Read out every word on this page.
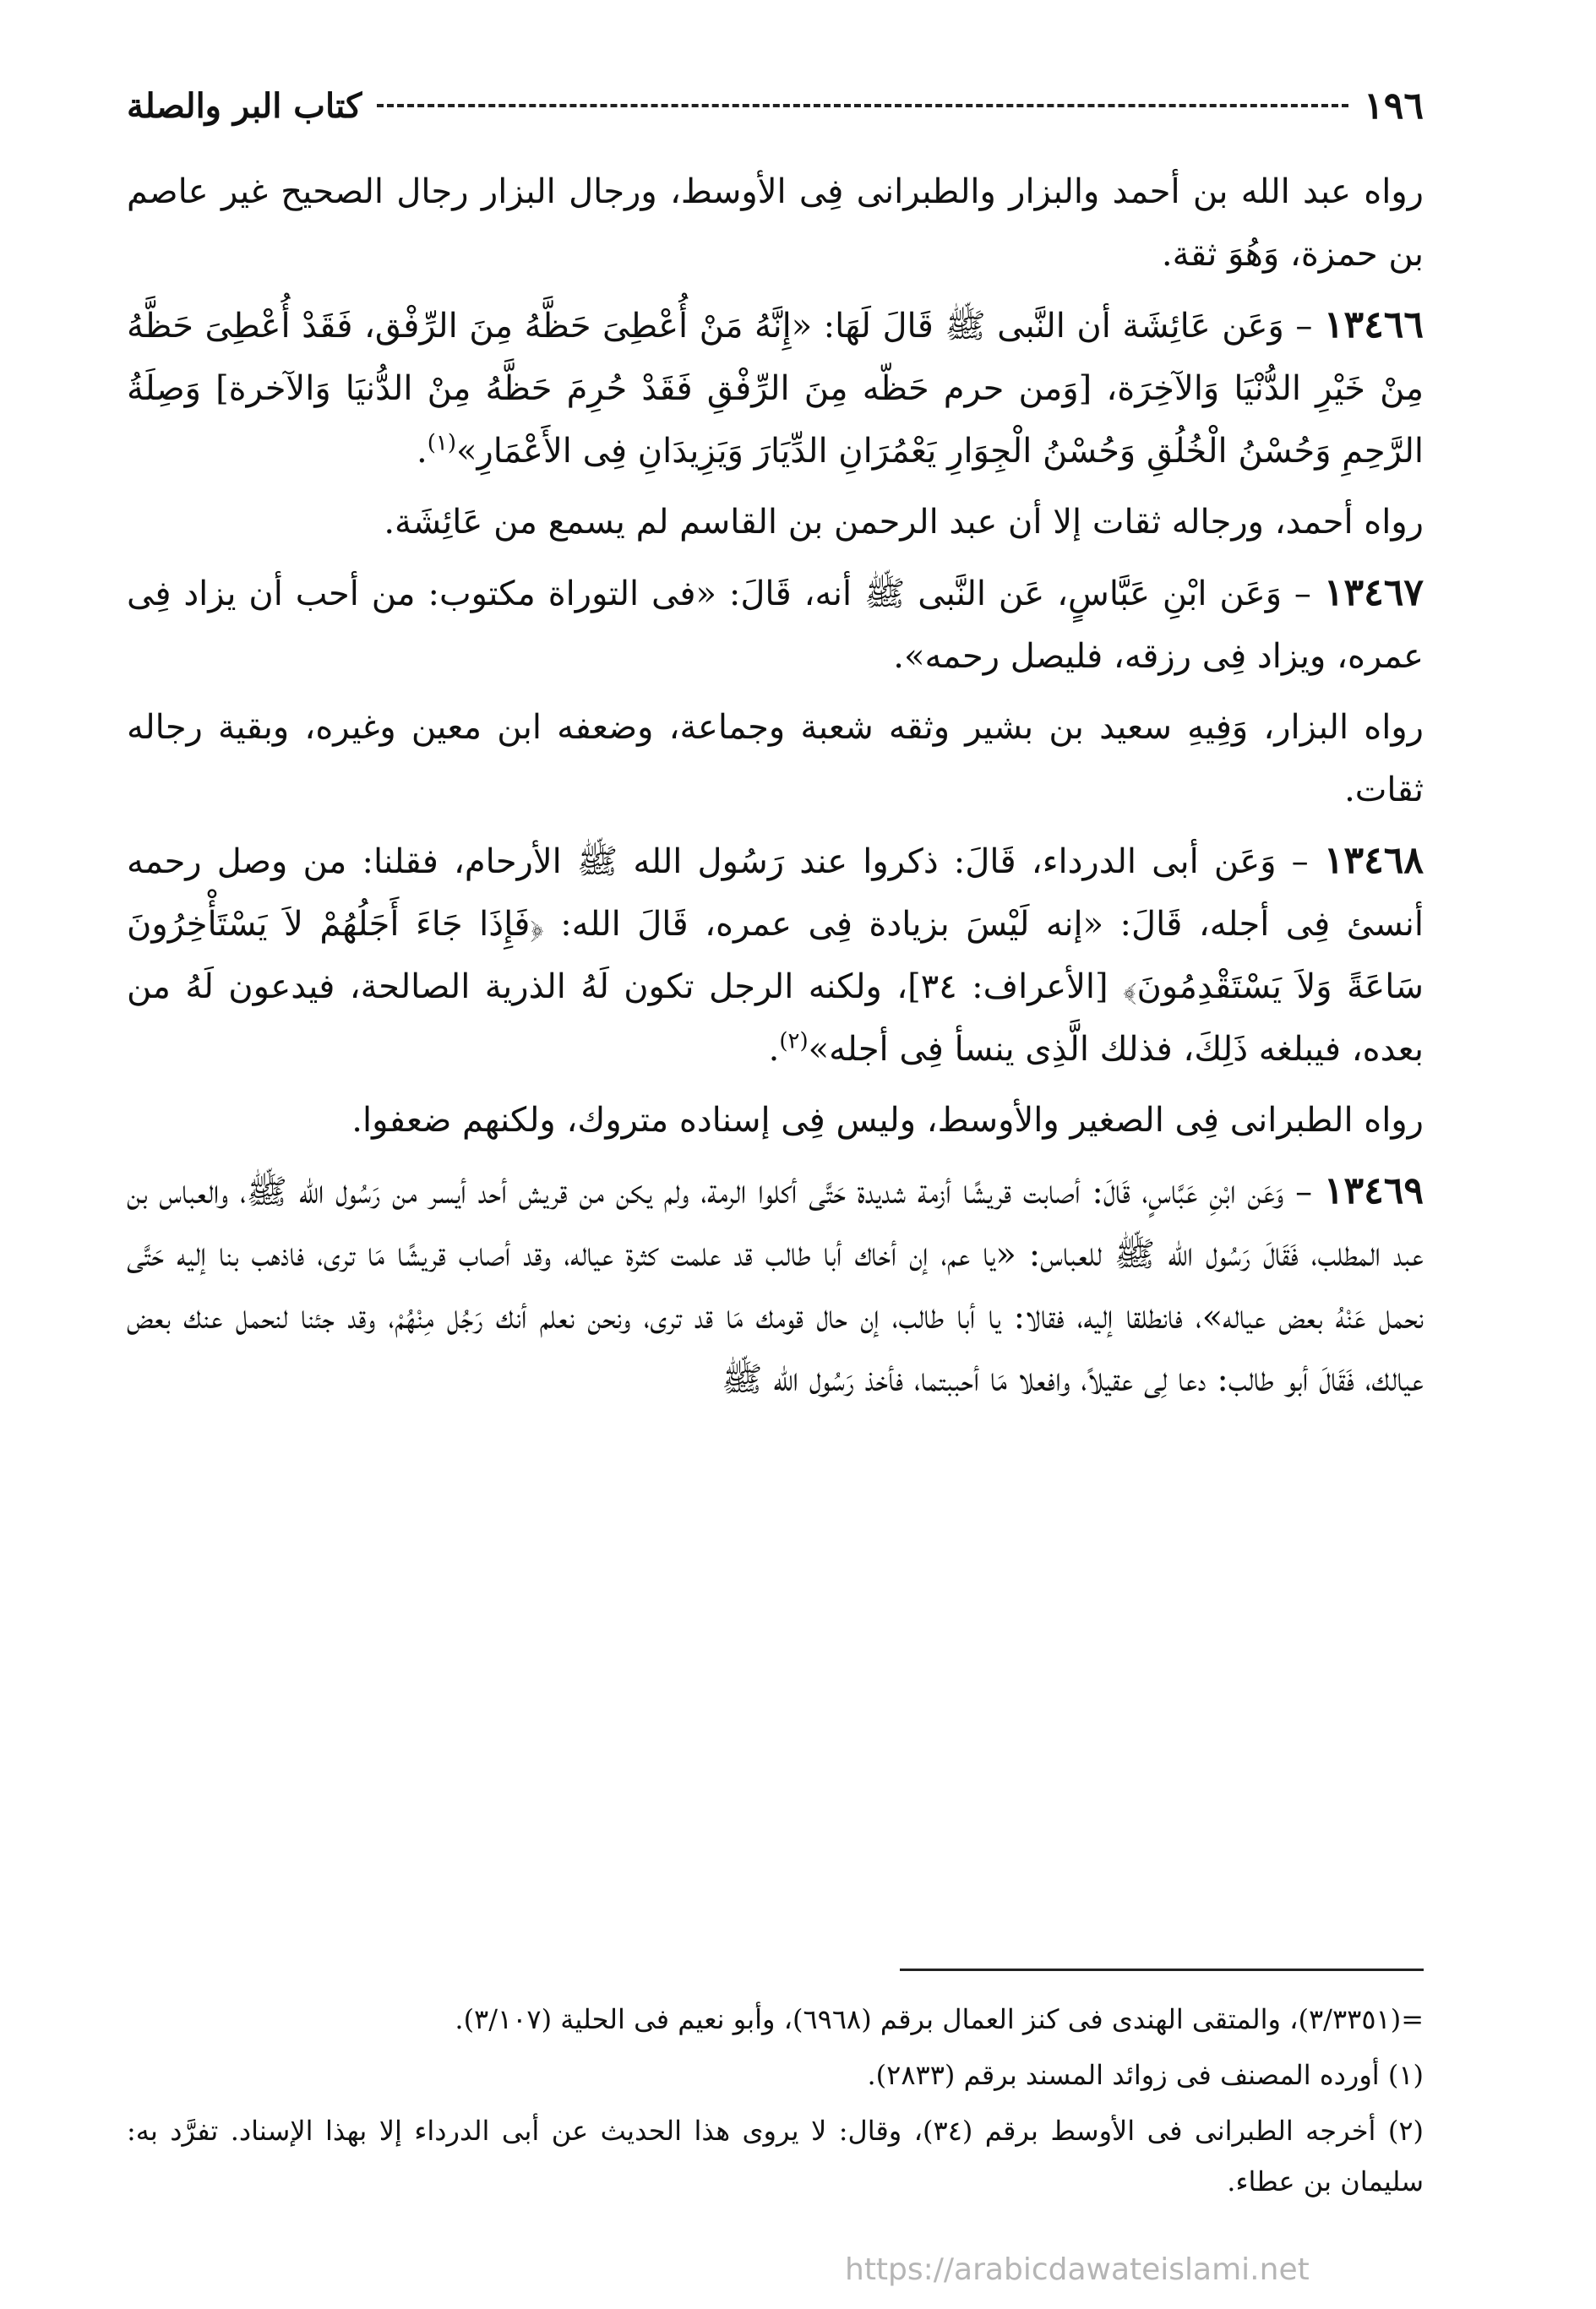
١٩٦
كتاب البر والصلة

رواه عبد الله بن أحمد والبزار والطبرانى فِى الأوسط، ورجال البزار رجال الصحيح غير عاصم بن حمزة، وَهُوَ ثقة.

١٣٤٦٦ – وَعَن عَائِشَة أن النَّبى ﷺ قَالَ لَهَا: «إِنَّهُ مَنْ أُعْطِىَ حَظَّهُ مِنَ الرِّفْق، فَقَدْ أُعْطِىَ حَظَّهُ مِنْ خَيْرِ الدُّنْيَا وَالآخِرَة، [وَمن حرم حَظّه مِنَ الرِّفْقِ فَقَدْ حُرِمَ حَظَّهُ مِنْ الدُّنيَا وَالآخرة] وَصِلَةُ الرَّحِمِ وَحُسْنُ الْخُلُقِ وَحُسْنُ الْجِوَارِ يَعْمُرَانِ الدِّيَارَ وَيَزِيدَانِ فِى الأَعْمَارِ»$^{(١)}$.

رواه أحمد، ورجاله ثقات إلا أن عبد الرحمن بن القاسم لم يسمع من عَائِشَة.

١٣٤٦٧ – وَعَن ابْنِ عَبَّاسٍ، عَن النَّبى ﷺ أنه، قَالَ: «فى التوراة مكتوب: من أحب أن يزاد فِى عمره، ويزاد فِى رزقه، فليصل رحمه».

رواه البزار، وَفِيهِ سعيد بن بشير وثقه شعبة وجماعة، وضعفه ابن معين وغيره، وبقية رجاله ثقات.

١٣٤٦٨ – وَعَن أبى الدرداء، قَالَ: ذكروا عند رَسُول الله ﷺ الأرحام، فقلنا: من وصل رحمه أنسئ فِى أجله، قَالَ: «إنه لَيْسَ بزيادة فِى عمره، قَالَ الله: ﴿فَإِذَا جَاءَ أَجَلُهُمْ لاَ يَسْتَأْخِرُونَ سَاعَةً وَلاَ يَسْتَقْدِمُونَ﴾ [الأعراف: ٣٤]، ولكنه الرجل تكون لَهُ الذرية الصالحة، فيدعون لَهُ من بعده، فيبلغه ذَلِكَ، فذلك الَّذِى ينسأ فِى أجله»$^{(٢)}$.

رواه الطبرانى فِى الصغير والأوسط، وليس فِى إسناده متروك، ولكنهم ضعفوا.

١٣٤٦٩ – وَعَن ابْنِ عَبَّاسٍ، قَالَ: أصابت قريشًا أزمة شديدة حَتَّى أكلوا الرمة، ولم يكن من قريش أحد أيسر من رَسُول الله ﷺ، والعباس بن عبد المطلب، فَقَالَ رَسُول الله ﷺ للعباس: «يا عم، إن أخاك أبا طالب قد علمت كثرة عياله، وقد أصاب قريشًا مَا ترى، فاذهب بنا إليه حَتَّى نحمل عَنْهُ بعض عياله»، فانطلقا إليه، فقالا: يا أبا طالب، إن حال قومك مَا قد ترى، ونحن نعلم أنك رَجُل مِنْهُمْ، وقد جئنا لنحمل عنك بعض عيالك، فَقَالَ أبو طالب: دعا لِى عقيلاً، وافعلا مَا أحببتما، فأخذ رَسُول الله ﷺ

=(٣/٣٣٥١)، والمتقى الهندى فى كنز العمال برقم (٦٩٦٨)، وأبو نعيم فى الحلية (٣/١٠٧).

(١) أورده المصنف فى زوائد المسند برقم (٢٨٣٣).

(٢) أخرجه الطبرانى فى الأوسط برقم (٣٤)، وقال: لا يروى هذا الحديث عن أبى الدرداء إلا بهذا الإسناد. تفرَّد به: سليمان بن عطاء.

https://arabicdawateislami.net
